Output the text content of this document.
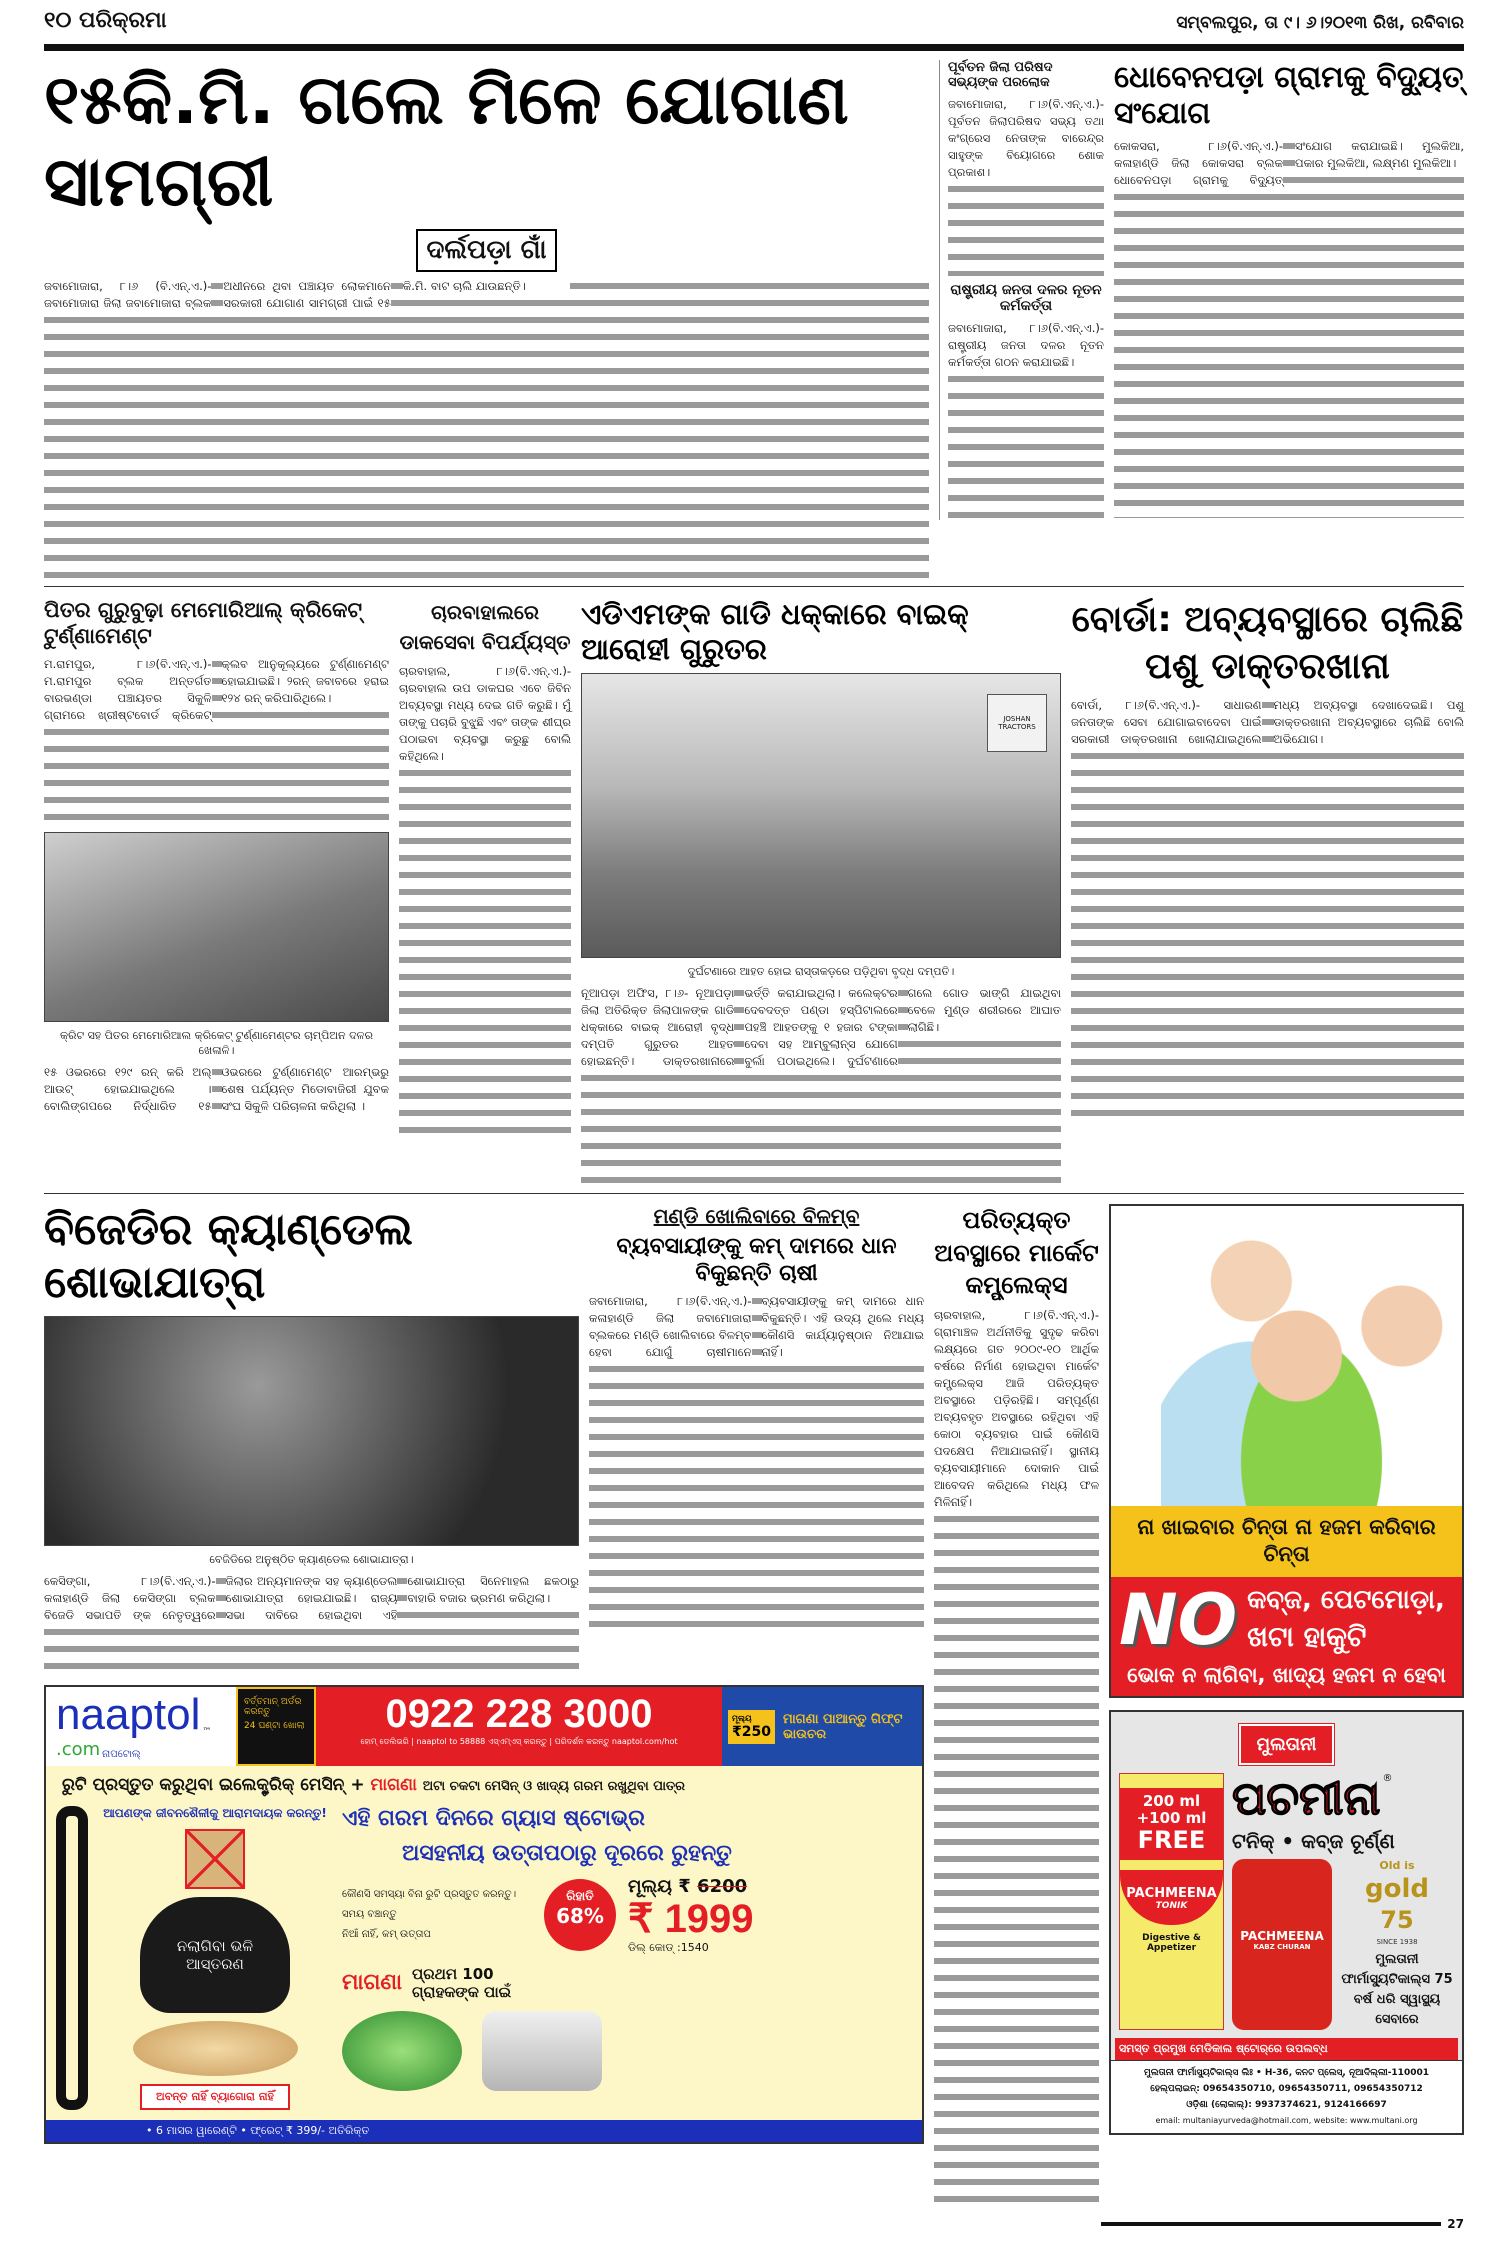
୧୦ ପରିକ୍ରମା	ସମ୍ବଲପୁର, ତା ୯। ୬।୨୦୧୩ ରିଖ, ରବିବାର
୧୫କି.ମି. ଗଲେ ମିଳେ ଯୋଗାଣ ସାମଗ୍ରୀ
ଦର୍ଲପଡ଼ା ଗାଁ
ଜବାମୋଜାରା, ୮।୬ (ବି.ଏନ୍.ଏ.)- ଜବାମୋଜାରା ଜିଲା ଜବାମୋଜାରା ବ୍ଲକ ଅଧୀନରେ ଥିବା ପଞ୍ଚାୟତ ଲୋକମାନେ ସରକାରୀ ଯୋଗାଣ ସାମଗ୍ରୀ ପାଇଁ ୧୫ କି.ମି. ବାଟ ଚାଲି ଯାଉଛନ୍ତି।
ପୂର୍ବତନ ଜିଲା ପରିଷଦ ସଭ୍ୟଙ୍କ ପରଲୋକ
ଜବାମୋଜାରା, ୮।୬(ବି.ଏନ୍.ଏ.)- ପୂର୍ବତନ ଜିଲାପରିଷଦ ସଭ୍ୟ ତଥା କଂଗ୍ରେସ ନେତାଙ୍କ ବାରେନ୍ଦ୍ର ସାହୁଙ୍କ ବିୟୋଗରେ ଶୋକ ପ୍ରକାଶ।
ରାଷ୍ଟ୍ରୀୟ ଜନତା ଦଳର ନୂତନ କର୍ମକର୍ତ୍ତା
ଜବାମୋଜାରା, ୮।୬(ବି.ଏନ୍.ଏ.)- ରାଷ୍ଟ୍ରୀୟ ଜନତା ଦଳର ନୂତନ କର୍ମକର୍ତ୍ତା ଗଠନ କରାଯାଇଛି।
ଧୋବେନପଡ଼ା ଗ୍ରାମକୁ ବିଦ୍ୟୁତ୍ ସଂଯୋଗ
କୋକସରା, ୮।୬(ବି.ଏନ୍.ଏ.)- କଳାହାଣ୍ଡି ଜିଲା କୋକସରା ବ୍ଲକ ଧୋବେନପଡ଼ା ଗ୍ରାମକୁ ବିଦ୍ୟୁତ୍ ସଂଯୋଗ କରାଯାଇଛି। ମୁଲକିଆ, ପକାର ମୁଲକିଆ, ଲକ୍ଷ୍ମଣ ମୁଲକିଆ।
ପିତର ଗୁରୁବୁଢ଼ା ମେମୋରିଆଲ୍ କ୍ରିକେଟ୍ ଟୁର୍ଣ୍ଣାମେଣ୍ଟ
ମ.ରାମପୁର, ୮।୬(ବି.ଏନ୍.ଏ.)- ମ.ରାମପୁର ବ୍ଲକ ଅନ୍ତର୍ଗତ ବାରଭଣ୍ଡା ପଞ୍ଚାୟତର ସିକୁଳି ଗ୍ରାମରେ ଖ୍ରୀଷ୍ଟବୋର୍ଡ କ୍ରିକେଟ୍ କ୍ଲବ ଆନୁକୂଲ୍ୟରେ ଟୁର୍ଣ୍ଣାମେଣ୍ଟ ହୋଇଯାଇଛି। ୨ରନ୍ ଜବାବରେ ହରାଇ ୧୨୪ ରନ୍ କରିପାରିଥିଲେ।
କ୍ରିଟ ସହ ପିତର ମେମୋରିଆଲ କ୍ରିକେଟ୍ ଟୁର୍ଣ୍ଣାମେଣ୍ଟର ଚାମ୍ପିଅନ ଦଳର ଖେଳାଳି।
୧୫ ଓଭରରେ ୧୨୯ ରନ୍ କରି ଅଲ୍ ଆଉଟ୍ ହୋଇଯାଇଥିଲେ । ବୋଲିଙ୍ଗପରେ ନିର୍ଦ୍ଧାରିତ ୧୫ ଓଭରରେ ଟୁର୍ଣ୍ଣାମେଣ୍ଟ ଆରମ୍ଭରୁ ଶେଷ ପର୍ଯ୍ୟନ୍ତ ମିଡୋବାଜିରୀ ଯୁବକ ସଂଘ ସିକୁଳି ପରିଚାଳନା କରିଥିଲା ।
ଚାରବାହାଲରେ ଡାକସେବା ବିପର୍ଯ୍ୟସ୍ତ
ଚାରବାହାଲ, ୮।୬(ବି.ଏନ୍.ଏ.)- ଚାରବାହାଲ ଉପ ଡାକଘର ଏବେ ଜିବିନ ଅବ୍ୟବସ୍ଥା ମଧ୍ୟ ଦେଇ ଗତି କରୁଛି। ମୁଁ ତାଙ୍କୁ ପଚାରି ବୁଝୁଛି ଏବଂ ତାଙ୍କ ଶୀଘ୍ର ପଠାଇବା ବ୍ୟବସ୍ଥା କରୁଛୁ ବୋଲି କହିଥିଲେ।
ଏଡିଏମଙ୍କ ଗାଡି ଧକ୍କାରେ ବାଇକ୍ ଆରୋହୀ ଗୁରୁତର
JOSHAN TRACTORS
ଦୁର୍ଘଟଣାରେ ଆହତ ହୋଇ ରାସ୍ତାକଡ଼ରେ ପଡ଼ିଥିବା ବୃଦ୍ଧ ଦମ୍ପତି।
ନୂଆପଡ଼ା ଅଫିସ, ୮।୬- ନୂଆପଡ଼ା ଜିଲା ଅତିରିକ୍ତ ଜିଲାପାଳଙ୍କ ଗାଡି ଧକ୍କାରେ ବାଇକ୍ ଆରୋହୀ ବୃଦ୍ଧ ଦମ୍ପତି ଗୁରୁତର ଆହତ ହୋଇଛନ୍ତି। ଡାକ୍ତରଖାନାରେ ଭର୍ତ୍ତି କରାଯାଇଥିଲା। କଲେକ୍ଟର ଦେବଦତ୍ତ ପଣ୍ଡା ହସ୍ପିଟାଲରେ ପହଞ୍ଚି ଆହତଙ୍କୁ ୧ ହଜାର ଟଙ୍କା ଦେବା ସହ ଆମ୍ବୁଲାନ୍ସ ଯୋଗେ ବୁର୍ଲା ପଠାଇଥିଲେ। ଦୁର୍ଘଟଣାରେ ଗଲେ ଗୋଡ ଭାଙ୍ଗି ଯାଇଥିବା ବେଳେ ମୁଣ୍ଡ ଶରୀରରେ ଆଘାତ ଲାଗିଛି।
ବୋର୍ଡା: ଅବ୍ୟବସ୍ଥାରେ ଚାଲିଛି ପଶୁ ଡାକ୍ତରଖାନା
ବୋର୍ଡା, ୮।୬(ବି.ଏନ୍.ଏ.)- ସାଧାରଣ ଜନତାଙ୍କ ସେବା ଯୋଗାଇବାଦେବା ପାଇଁ ସରକାରୀ ଡାକ୍ତରଖାନା ଖୋଲାଯାଇଥିଲେ ମଧ୍ୟ ଅବ୍ୟବସ୍ଥା ଦେଖାଦେଇଛି। ପଶୁ ଡାକ୍ତରଖାନା ଅବ୍ୟବସ୍ଥାରେ ଚାଲିଛି ବୋଲି ଅଭିଯୋଗ।
ବିଜେଡିର କ୍ୟାଣ୍ଡେଲ ଶୋଭାଯାତ୍ରା
ବେଜିଡିରେ ଅନୁଷ୍ଠିତ କ୍ୟାଣ୍ଡେଲ ଶୋଭାଯାତ୍ରା।
କେସିଙ୍ଗା, ୮।୬(ବି.ଏନ୍.ଏ.)- କଳାହାଣ୍ଡି ଜିଲା କେସିଙ୍ଗା ବ୍ଲକ ବିଜେଡି ସଭାପତି ଙ୍କ ନେତୃତ୍ୱରେ ଜିଲାର ଅନ୍ୟମାନଙ୍କ ସହ କ୍ୟାଣ୍ଡେଲ ଶୋଭାଯାତ୍ରା ହୋଇଯାଇଛି। ରାଜ୍ୟ ସଭା ଦାବିରେ ହୋଇଥିବା ଏହି ଶୋଭାଯାତ୍ରା ସିନେମାହଲ ଛକଠାରୁ ବାହାରି ବଜାର ଭ୍ରମଣ କରିଥିଲା।
ମଣ୍ଡି ଖୋଲିବାରେ ବିଳମ୍ବ
ବ୍ୟବସାୟୀଙ୍କୁ କମ୍ ଦାମରେ ଧାନ ବିକୁଛନ୍ତି ଚାଷୀ
ଜବାମୋଜାରା, ୮।୬(ବି.ଏନ୍.ଏ.)- କଳାହାଣ୍ଡି ଜିଲା ଜବାମୋଜାରା ବ୍ଲକରେ ମଣ୍ଡି ଖୋଲିବାରେ ବିଳମ୍ବ ହେବା ଯୋଗୁଁ ଚାଷୀମାନେ ବ୍ୟବସାୟୀଙ୍କୁ କମ୍ ଦାମରେ ଧାନ ବିକୁଛନ୍ତି। ଏହି ଉଦ୍ୟ ଥିଲେ ମଧ୍ୟ କୌଣସି କାର୍ଯ୍ୟାନୁଷ୍ଠାନ ନିଆଯାଇ ନାହିଁ।
naaptol ™
.com ନାପଟୋଲ୍
ବର୍ତ୍ତମାନ୍ ଅର୍ଡର କରନ୍ତୁ
24 ଘଣ୍ଟା ଖୋଲା	0922 228 3000
ହୋମ୍ ଡେଲିଭରି | naaptol to 58888 ଏସ୍ଏମ୍ଏସ୍ କରନ୍ତୁ | ପରିଦର୍ଶନ କରନ୍ତୁ naaptol.com/hot
ମୂଲ୍ୟ
₹250
ମାଗଣା ପାଆନ୍ତୁ ଗିଫ୍ଟ ଭାଉଚର
ରୁଟି ପ୍ରସ୍ତୁତ କରୁଥିବା ଇଲେକ୍ଟ୍ରିକ୍ ମେସିନ୍ + ମାଗଣା ଅଟା ଚକଟା ମେସିନ୍ ଓ ଖାଦ୍ୟ ଗରମ ରଖୁଥିବା ପାତ୍ର
ଆପଣଙ୍କ ଜୀବନଶୈଳୀକୁ ଆରାମଦାୟକ କରନ୍ତୁ!
ନଲାଗିବା ଭଳି ଆସ୍ତରଣ
ଅବନ୍ତ ନାହିଁ ବ୍ୟାଗୋରା ନାହିଁ
ଏହି ଗରମ ଦିନରେ ଗ୍ୟାସ ଷ୍ଟୋଭ୍‌ର
ଅସହନୀୟ ଉତ୍ତାପଠାରୁ ଦୂରରେ ରୁହନ୍ତୁ
କୌଣସି ସମସ୍ୟା ବିନା ରୁଟି ପ୍ରସ୍ତୁତ କରନ୍ତୁ।
ସମୟ ବଞ୍ଚାନ୍ତୁ
ନିଆଁ ନାହିଁ, କମ୍ ଉତ୍ତାପ
ରିହାତି
68%
ମୂଲ୍ୟ ₹ 6200
₹ 1999
ଡିଲ୍ କୋଡ୍ :1540
ମାଗଣା ପ୍ରଥମ 100 ଗ୍ରାହକଙ୍କ ପାଇଁ
• 6 ମାସର ୱାରେଣ୍ଟି • ଫ୍ରେଟ୍ ₹ 399/- ଅତିରିକ୍ତ
ପରିତ୍ୟକ୍ତ ଅବସ୍ଥାରେ ମାର୍କେଟ କମ୍ପ୍ଲେକ୍ସ
ଚାରବାହାଲ, ୮।୬(ବି.ଏନ୍.ଏ.)- ଗ୍ରାମାଞ୍ଚଳ ଅର୍ଥନୀତିକୁ ସୁଦୃଢ କରିବା ଲକ୍ଷ୍ୟରେ ଗତ ୨୦୦୯-୧୦ ଆର୍ଥିକ ବର୍ଷରେ ନିର୍ମାଣ ହୋଇଥିବା ମାର୍କେଟ କମ୍ପ୍ଲେକ୍ସ ଆଜି ପରିତ୍ୟକ୍ତ ଅବସ୍ଥାରେ ପଡ଼ିରହିଛି। ସମ୍ପୂର୍ଣ୍ଣ ଅବ୍ୟବହୃତ ଅବସ୍ଥାରେ ରହିଥିବା ଏହି କୋଠା ବ୍ୟବହାର ପାଇଁ କୌଣସି ପଦକ୍ଷେପ ନିଆଯାଇନାହିଁ। ସ୍ଥାନୀୟ ବ୍ୟବସାୟୀମାନେ ଦୋକାନ ପାଇଁ ଆବେଦନ କରିଥିଲେ ମଧ୍ୟ ଫଳ ମିଳିନାହିଁ।
ନା ଖାଇବାର ଚିନ୍ତା ନା ହଜମ କରିବାର ଚିନ୍ତା
NO କବ୍ଜ, ପେଟମୋଡ଼ା,
ଖଟା ହାକୁଟି
ଭୋକ ନ ଲାଗିବା, ଖାଦ୍ୟ ହଜମ ନ ହେବା
ମୁଲତାନୀ
200 ml
+100 ml
FREE
PACHMEENA
TONIK
Digestive & Appetizer
ପଚମୀନା ®
ଟନିକ୍ • କବ୍ଜ ଚୂର୍ଣ୍ଣ
PACHMEENA
KABZ CHURAN
Old is
gold
75
SINCE 1938
ମୁଲତାନୀ ଫାର୍ମାସ୍ୟୁଟିକାଲ୍ସ 75 ବର୍ଷ ଧରି ସ୍ୱାସ୍ଥ୍ୟ ସେବାରେ
ସମସ୍ତ ପ୍ରମୁଖ ମେଡିକାଲ ଷ୍ଟୋର୍‌ରେ ଉପଲବ୍ଧ
ମୁଲତାନୀ ଫାର୍ମାସ୍ୟୁଟିକାଲ୍ସ ଲିଃ • H-36, କନଟ ପ୍ଲେସ୍, ନୂଆଦିଲ୍ଲୀ-110001
ହେଲ୍ପଲାଇନ୍: 09654350710, 09654350711, 09654350712
ଓଡ଼ିଶା (ଲୋକାଲ୍): 9937374621, 9124166697
email: multaniayurveda@hotmail.com, website: www.multani.org
27
